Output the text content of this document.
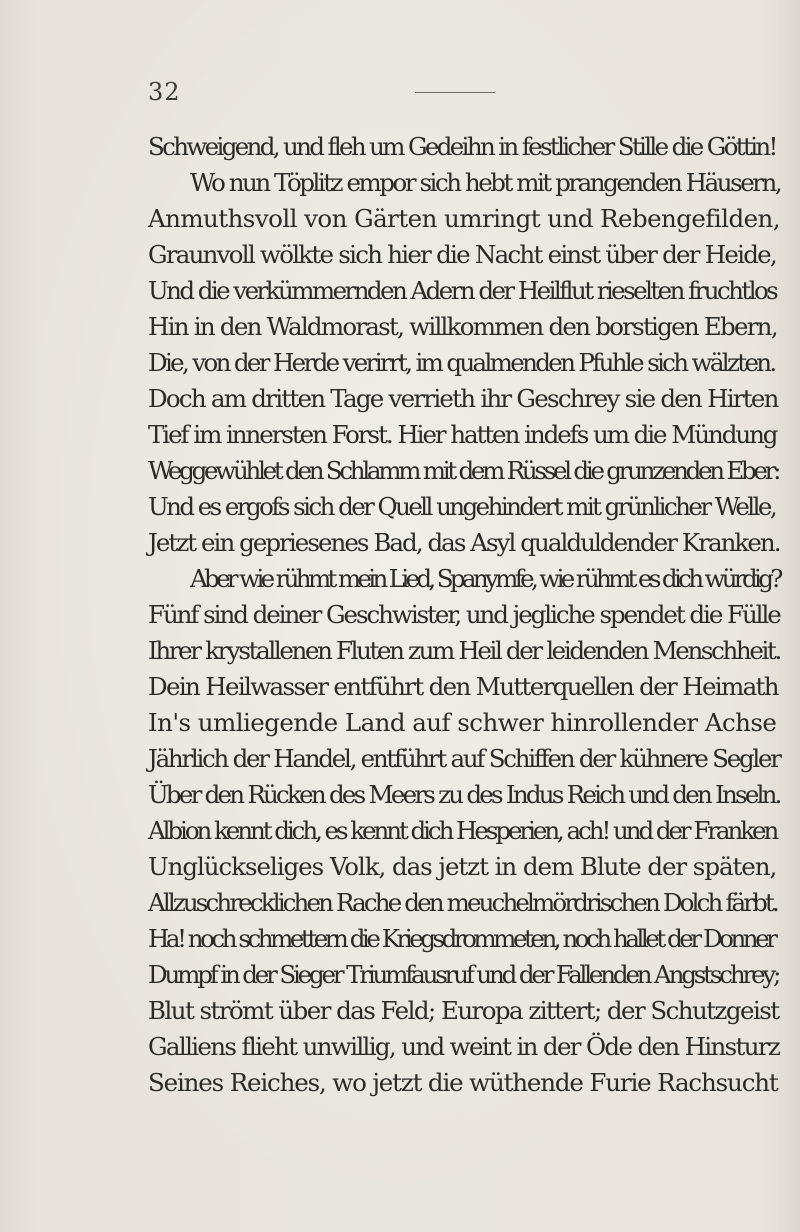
32
Schweigend, und fleh um Gedeihn in festlicher Stille die Göttin!
Wo nun Töplitz empor sich hebt mit prangenden Häusern,
Anmuthsvoll von Gärten umringt und Rebengefilden,
Graunvoll wölkte sich hier die Nacht einst über der Heide,
Und die verkümmernden Adern der Heilflut rieselten fruchtlos
Hin in den Waldmorast, willkommen den borstigen Ebern,
Die, von der Herde verirrt, im qualmenden Pfuhle sich wälzten.
Doch am dritten Tage verrieth ihr Geschrey sie den Hirten
Tief im innersten Forst. Hier hatten indefs um die Mündung
Weggewühlet den Schlamm mit dem Rüssel die grunzenden Eber:
Und es ergofs sich der Quell ungehindert mit grünlicher Welle,
Jetzt ein gepriesenes Bad, das Asyl qualduldender Kranken.
Aber wie rühmt mein Lied, Spanymfe, wie rühmt es dich würdig?
Fünf sind deiner Geschwister, und jegliche spendet die Fülle
Ihrer krystallenen Fluten zum Heil der leidenden Menschheit.
Dein Heilwasser entführt den Mutterquellen der Heimath
In's umliegende Land auf schwer hinrollender Achse
Jährlich der Handel, entführt auf Schiffen der kühnere Segler
Über den Rücken des Meers zu des Indus Reich und den Inseln.
Albion kennt dich, es kennt dich Hesperien, ach! und der Franken
Unglückseliges Volk, das jetzt in dem Blute der späten,
Allzuschrecklichen Rache den meuchelmördrischen Dolch färbt.
Ha! noch schmettern die Kriegsdrommeten, noch hallet der Donner
Dumpf in der Sieger Triumfausruf und der Fallenden Angstschrey;
Blut strömt über das Feld; Europa zittert; der Schutzgeist
Galliens flieht unwillig, und weint in der Öde den Hinsturz
Seines Reiches, wo jetzt die wüthende Furie Rachsucht
